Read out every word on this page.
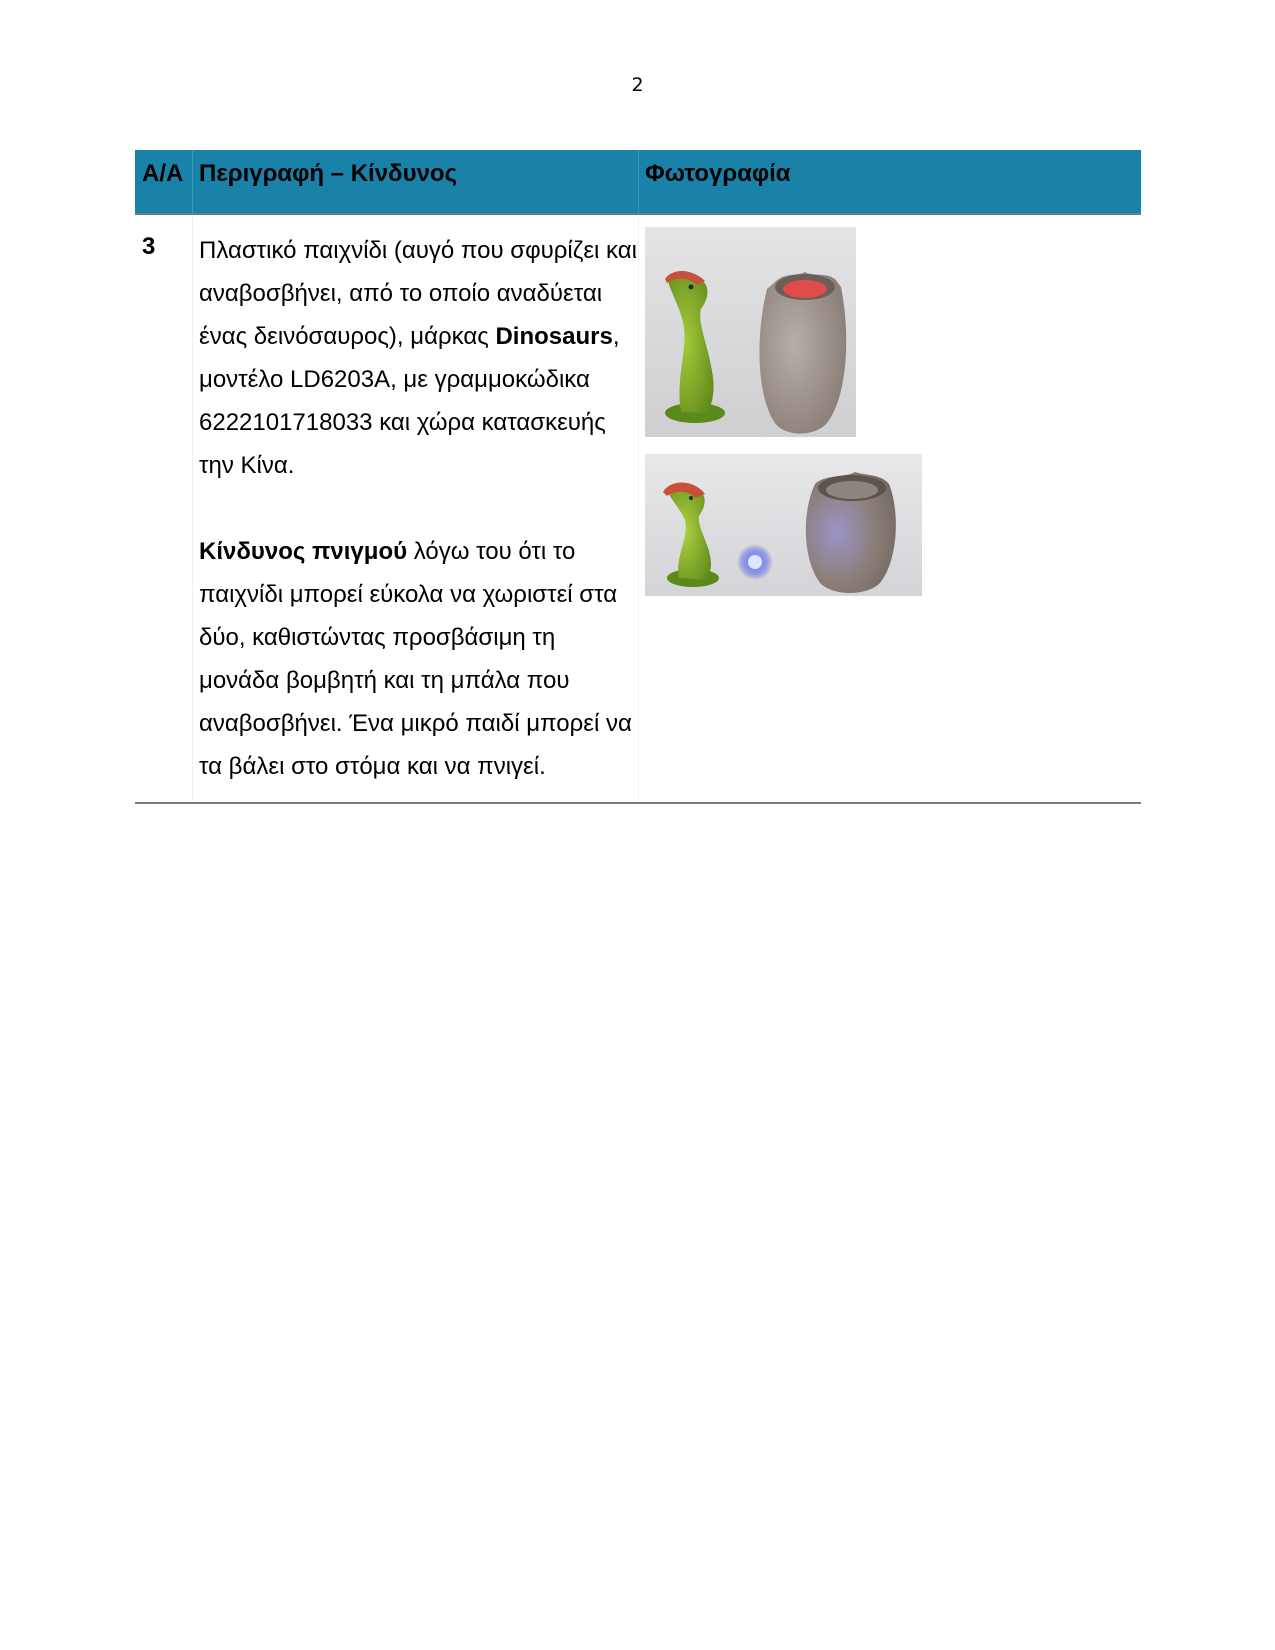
2
Α/Α Περιγραφή – Κίνδυνος	Φωτογραφία
3	Πλαστικό παιχνίδι (αυγό που σφυρίζει και αναβοσβήνει, από το οποίο αναδύεται ένας δεινόσαυρος), μάρκας Dinosaurs, μοντέλο LD6203A, με γραμμοκώδικα 6222101718033 και χώρα κατασκευής την Κίνα.
Κίνδυνος πνιγμού λόγω του ότι το παιχνίδι μπορεί εύκολα να χωριστεί στα δύο, καθιστώντας προσβάσιμη τη μονάδα βομβητή και τη μπάλα που αναβοσβήνει. Ένα μικρό παιδί μπορεί να τα βάλει στο στόμα και να πνιγεί.
